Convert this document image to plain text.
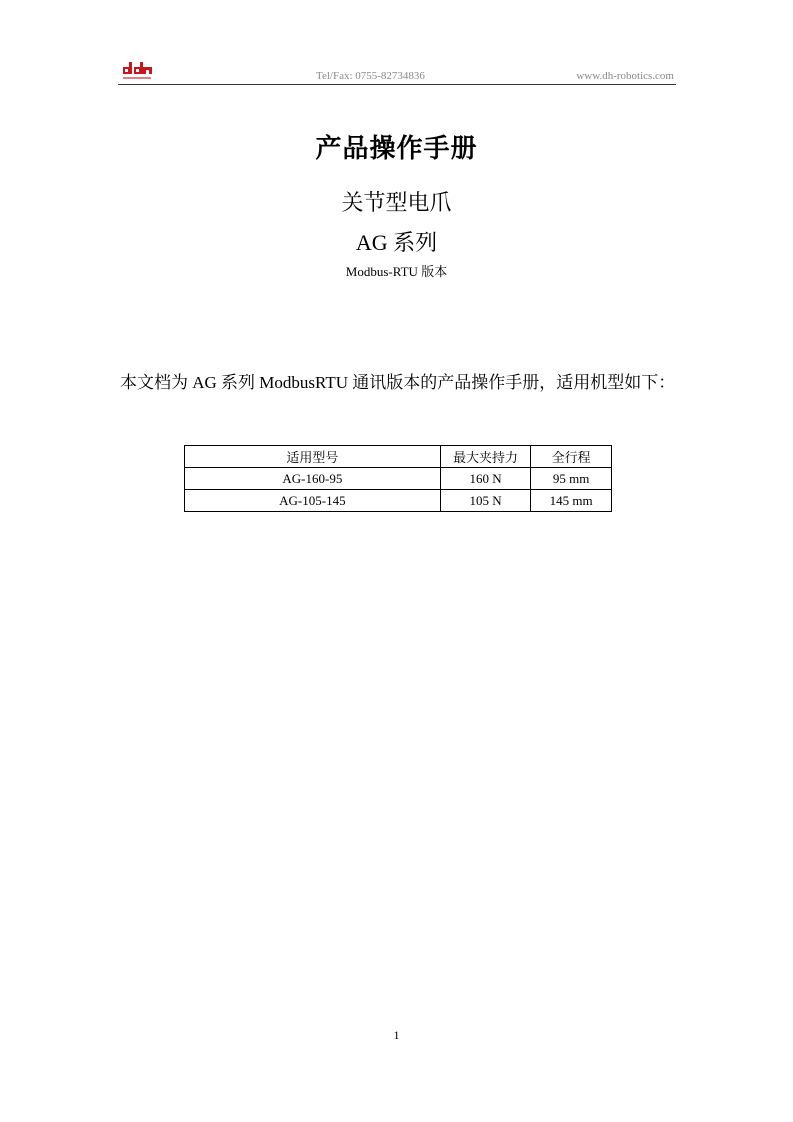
Tel/Fax: 0755-82734836	www.dh-robotics.com
产品操作手册
关节型电爪
AG 系列
Modbus-RTU 版本
本文档为 AG 系列 ModbusRTU 通讯版本的产品操作手册，适用机型如下：
适用型号	最大夹持力	全行程
AG-160-95	160 N	95 mm
AG-105-145	105 N	145 mm
1
